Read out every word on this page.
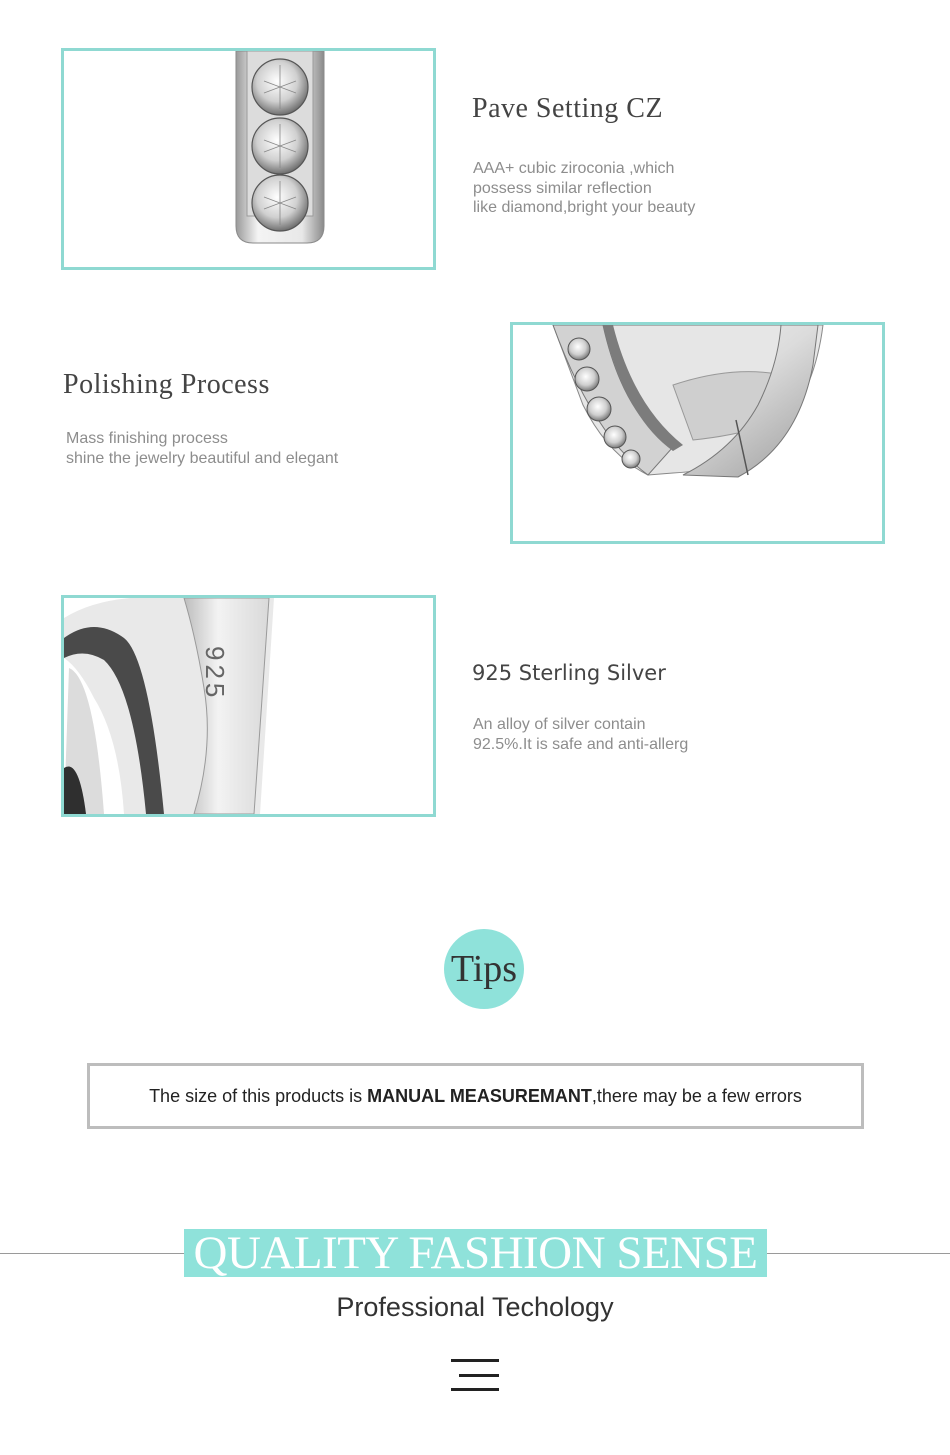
Pave Setting CZ
AAA+ cubic ziroconia ,which
possess similar reflection
like diamond,bright your beauty
Polishing Process
Mass finishing process
shine the jewelry beautiful and elegant
925	925 Sterling Silver
An alloy of silver contain
92.5%.It is safe and anti-allerg
Tips
The size of this products is MANUAL MEASUREMANT ,there may be a few errors
QUALITY FASHION SENSE
Professional Techology
